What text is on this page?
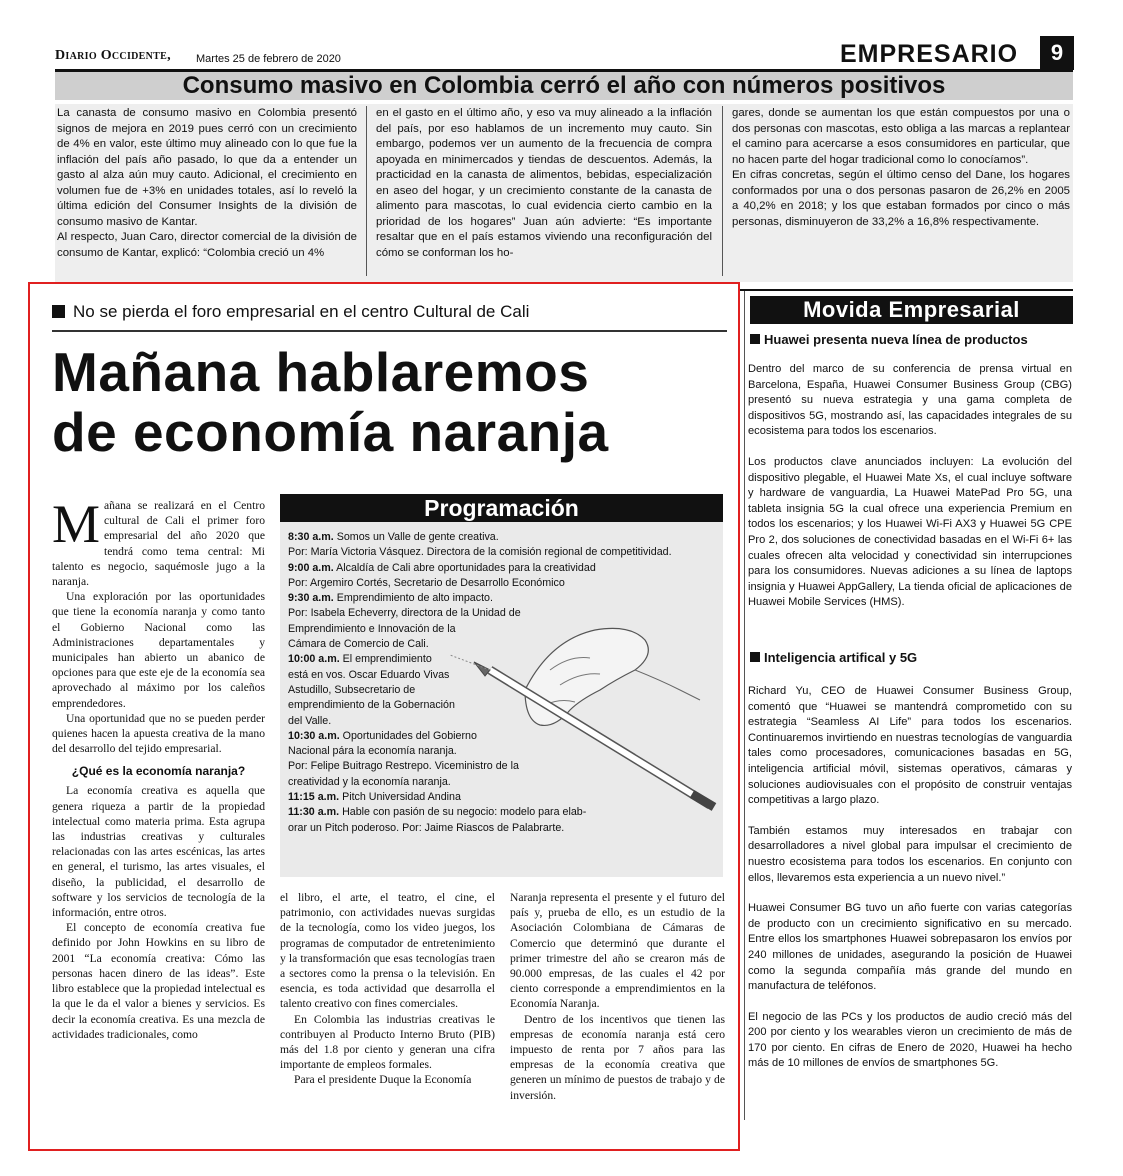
Diario Occidente, Martes 25 de febrero de 2020	EMPRESARIO	9
Consumo masivo en Colombia cerró el año con números positivos

La canasta de consumo masivo en Colombia presentó signos de mejora en 2019 pues cerró con un crecimiento de 4% en valor, este último muy alineado con lo que fue la inflación del país año pasado, lo que da a entender un gasto al alza aún muy cauto. Adicional, el crecimiento en volumen fue de +3% en unidades totales, así lo reveló la última edición del Consumer Insights de la división de consumo masivo de Kantar.

Al respecto, Juan Caro, director comercial de la división de consumo de Kantar, explicó: “Colombia creció un 4%

en el gasto en el último año, y eso va muy alineado a la inflación del país, por eso hablamos de un incremento muy cauto. Sin embargo, podemos ver un aumento de la frecuencia de compra apoyada en minimercados y tiendas de descuentos. Además, la practicidad en la canasta de alimentos, bebidas, especialización en aseo del hogar, y un crecimiento constante de la canasta de alimento para mascotas, lo cual evidencia cierto cambio en la prioridad de los hogares” Juan aún advierte: “Es importante resaltar que en el país estamos viviendo una reconfiguración del cómo se conforman los ho-

gares, donde se aumentan los que están compuestos por una o dos personas con mascotas, esto obliga a las marcas a replantear el camino para acercarse a esos consumidores en particular, que no hacen parte del hogar tradicional como lo conocíamos”.

En cifras concretas, según el último censo del Dane, los hogares conformados por una o dos personas pasaron de 26,2% en 2005 a 40,2% en 2018; y los que estaban formados por cinco o más personas, disminuyeron de 33,2% a 16,8% respectivamente.

No se pierda el foro empresarial en el centro Cultural de Cali
Mañana hablaremos
de economía naranja

Mañana se realizará en el Centro cultural de Cali el primer foro empresarial del año 2020 que tendrá como tema central: Mi talento es negocio, saquémosle jugo a la naranja.

Una exploración por las oportunidades que tiene la economía naranja y como tanto el Gobierno Nacional como las Administraciones departamentales y municipales han abierto un abanico de opciones para que este eje de la economía sea aprovechado al máximo por los caleños emprendedores.

Una oportunidad que no se pueden perder quienes hacen la apuesta creativa de la mano del desarrollo del tejido empresarial.

¿Qué es la economía naranja?

La economía creativa es aquella que genera riqueza a partir de la propiedad intelectual como materia prima. Esta agrupa las industrias creativas y culturales relacionadas con las artes escénicas, las artes en general, el turismo, las artes visuales, el diseño, la publicidad, el desarrollo de software y los servicios de tecnología de la información, entre otros.

El concepto de economía creativa fue definido por John Howkins en su libro de 2001 “La economía creativa: Cómo las personas hacen dinero de las ideas”. Este libro establece que la propiedad intelectual es la que le da el valor a bienes y servicios. Es decir la economía creativa. Es una mezcla de actividades tradicionales, como

Programación
8:30 a.m. Somos un Valle de gente creativa.
Por: María Victoria Vásquez. Directora de la comisión regional de competitividad.
9:00 a.m. Alcaldía de Cali abre oportunidades para la creatividad
Por: Argemiro Cortés, Secretario de Desarrollo Económico
9:30 a.m. Emprendimiento de alto impacto.
Por: Isabela Echeverry, directora de la Unidad de
Emprendimiento e Innovación de la
Cámara de Comercio de Cali.
10:00 a.m. El emprendimiento
está en vos. Oscar Eduardo Vivas
Astudillo, Subsecretario de
emprendimiento de la Gobernación
del Valle.
10:30 a.m. Oportunidades del Gobierno
Nacional pára la economía naranja.
Por: Felipe Buitrago Restrepo. Viceministro de la
creatividad y la economía naranja.
11:15 a.m. Pitch Universidad Andina
11:30 a.m. Hable con pasión de su negocio: modelo para elab-
orar un Pitch poderoso. Por: Jaime Riascos de Palabrarte.

el libro, el arte, el teatro, el cine, el patrimonio, con actividades nuevas surgidas de la tecnología, como los video juegos, los programas de computador de entretenimiento y la transformación que esas tecnologías traen a sectores como la prensa o la televisión. En esencia, es toda actividad que desarrolla el talento creativo con fines comerciales.

En Colombia las industrias creativas le contribuyen al Producto Interno Bruto (PIB) más del 1.8 por ciento y generan una cifra importante de empleos formales.

Para el presidente Duque la Economía

Naranja representa el presente y el futuro del país y, prueba de ello, es un estudio de la Asociación Colombiana de Cámaras de Comercio que determinó que durante el primer trimestre del año se crearon más de 90.000 empresas, de las cuales el 42 por ciento corresponde a emprendimientos en la Economía Naranja.

Dentro de los incentivos que tienen las empresas de economía naranja está cero impuesto de renta por 7 años para las empresas de la economía creativa que generen un mínimo de puestos de trabajo y de inversión.

Movida Empresarial
Huawei presenta nueva línea de productos

Dentro del marco de su conferencia de prensa virtual en Barcelona, España, Huawei Consumer Business Group (CBG) presentó su nueva estrategia y una gama completa de dispositivos 5G, mostrando así, las capacidades integrales de su ecosistema para todos los escenarios.

Los productos clave anunciados incluyen: La evolución del dispositivo plegable, el Huawei Mate Xs, el cual incluye software y hardware de vanguardia, La Huawei MatePad Pro 5G, una tableta insignia 5G la cual ofrece una experiencia Premium en todos los escenarios; y los Huawei Wi-Fi AX3 y Huawei 5G CPE Pro 2, dos soluciones de conectividad basadas en el Wi-Fi 6+ las cuales ofrecen alta velocidad y conectividad sin interrupciones para los consumidores. Nuevas adiciones a su línea de laptops insignia y Huawei AppGallery, La tienda oficial de aplicaciones de Huawei Mobile Services (HMS).

Inteligencia artifical y 5G

Richard Yu, CEO de Huawei Consumer Business Group, comentó que “Huawei se mantendrá comprometido con su estrategia “Seamless AI Life” para todos los escenarios. Continuaremos invirtiendo en nuestras tecnologías de vanguardia tales como procesadores, comunicaciones basadas en 5G, inteligencia artificial móvil, sistemas operativos, cámaras y soluciones audiovisuales con el propósito de construir ventajas competitivas a largo plazo.

También estamos muy interesados en trabajar con desarrolladores a nivel global para impulsar el crecimiento de nuestro ecosistema para todos los escenarios. En conjunto con ellos, llevaremos esta experiencia a un nuevo nivel.”

Huawei Consumer BG tuvo un año fuerte con varias categorías de producto con un crecimiento significativo en su mercado. Entre ellos los smartphones Huawei sobrepasaron los envíos por 240 millones de unidades, asegurando la posición de Huawei como la segunda compañía más grande del mundo en manufactura de teléfonos.

El negocio de las PCs y los productos de audio creció más del 200 por ciento y los wearables vieron un crecimiento de más de 170 por ciento. En cifras de Enero de 2020, Huawei ha hecho más de 10 millones de envíos de smartphones 5G.
